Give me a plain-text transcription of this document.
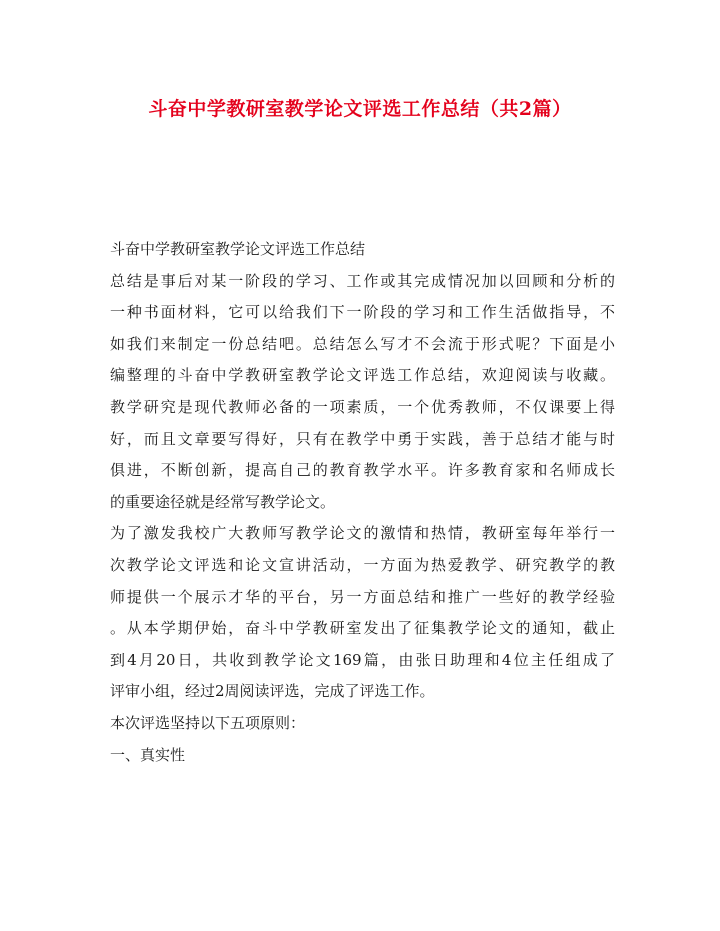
斗奋中学教研室教学论文评选工作总结（共2篇）
斗奋中学教研室教学论文评选工作总结
总结是事后对某一阶段的学习、工作或其完成情况加以回顾和分析的
一种书面材料，它可以给我们下一阶段的学习和工作生活做指导，不
如我们来制定一份总结吧。总结怎么写才不会流于形式呢？下面是小
编整理的斗奋中学教研室教学论文评选工作总结，欢迎阅读与收藏。
教学研究是现代教师必备的一项素质，一个优秀教师，不仅课要上得
好，而且文章要写得好，只有在教学中勇于实践，善于总结才能与时
俱进，不断创新，提高自己的教育教学水平。许多教育家和名师成长
的重要途径就是经常写教学论文。
为了激发我校广大教师写教学论文的激情和热情，教研室每年举行一
次教学论文评选和论文宣讲活动，一方面为热爱教学、研究教学的教
师提供一个展示才华的平台，另一方面总结和推广一些好的教学经验
。从本学期伊始，奋斗中学教研室发出了征集教学论文的通知，截止
到4月20日，共收到教学论文169篇，由张日助理和4位主任组成了
评审小组，经过2周阅读评选，完成了评选工作。
本次评选坚持以下五项原则：
一、真实性
